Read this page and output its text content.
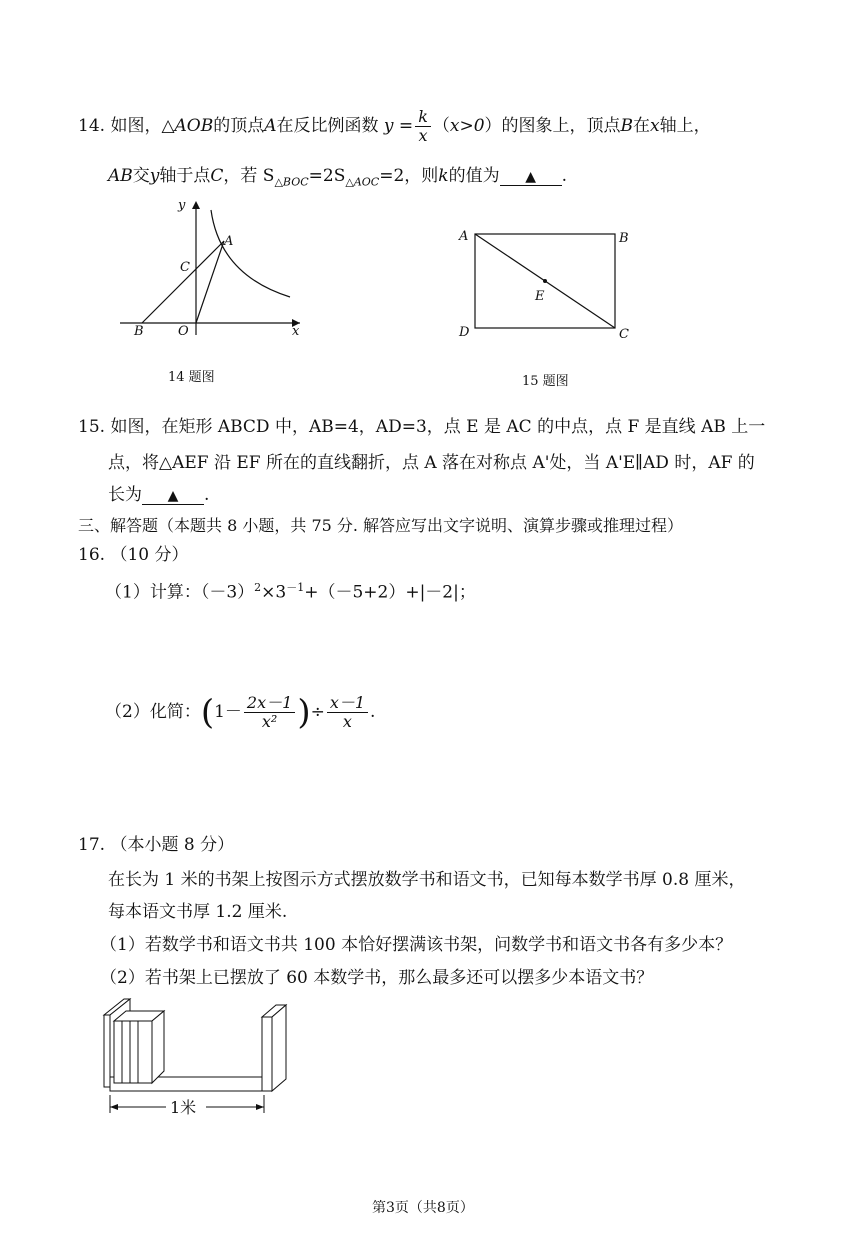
14. 如图，△AOB的顶点A在反比例函数 $y = \frac{k}{x} (x>0)$的图象上，顶点B在x轴上，
AB交y轴于点C，若 $S_{\triangle BOC}=2S_{\triangle AOC}=2$，则k的值为 ▲ .
y
x
A
B
C
O
14 题图
A	B
C
D
E
15 题图
15. 如图，在矩形 ABCD 中，AB=4，AD=3，点 E 是 AC 的中点，点 F 是直线 AB 上一
点，将△AEF 沿 EF 所在的直线翻折，点 A 落在对称点 A'处，当 A'E∥AD 时，AF 的
长为 ▲ .
三、解答题（本题共 8 小题，共 75 分. 解答应写出文字说明、演算步骤或推理过程）
16. （10 分）
（1）计算：$(-3)^2\times 3^{-1}+(-5+2)+|-2|$；
（2）化简：($1- \frac{2x-1}{\text{x²}}$ )÷ $\frac{x-1}{x}$ .
17. （本小题 8 分）
在长为 1 米的书架上按图示方式摆放数学书和语文书，已知每本数学书厚 0.8 厘米，
每本语文书厚 1.2 厘米.
（1）若数学书和语文书共 100 本恰好摆满该书架，问数学书和语文书各有多少本？
（2）若书架上已摆放了 60 本数学书，那么最多还可以摆多少本语文书？
1米
第3页（共8页）
